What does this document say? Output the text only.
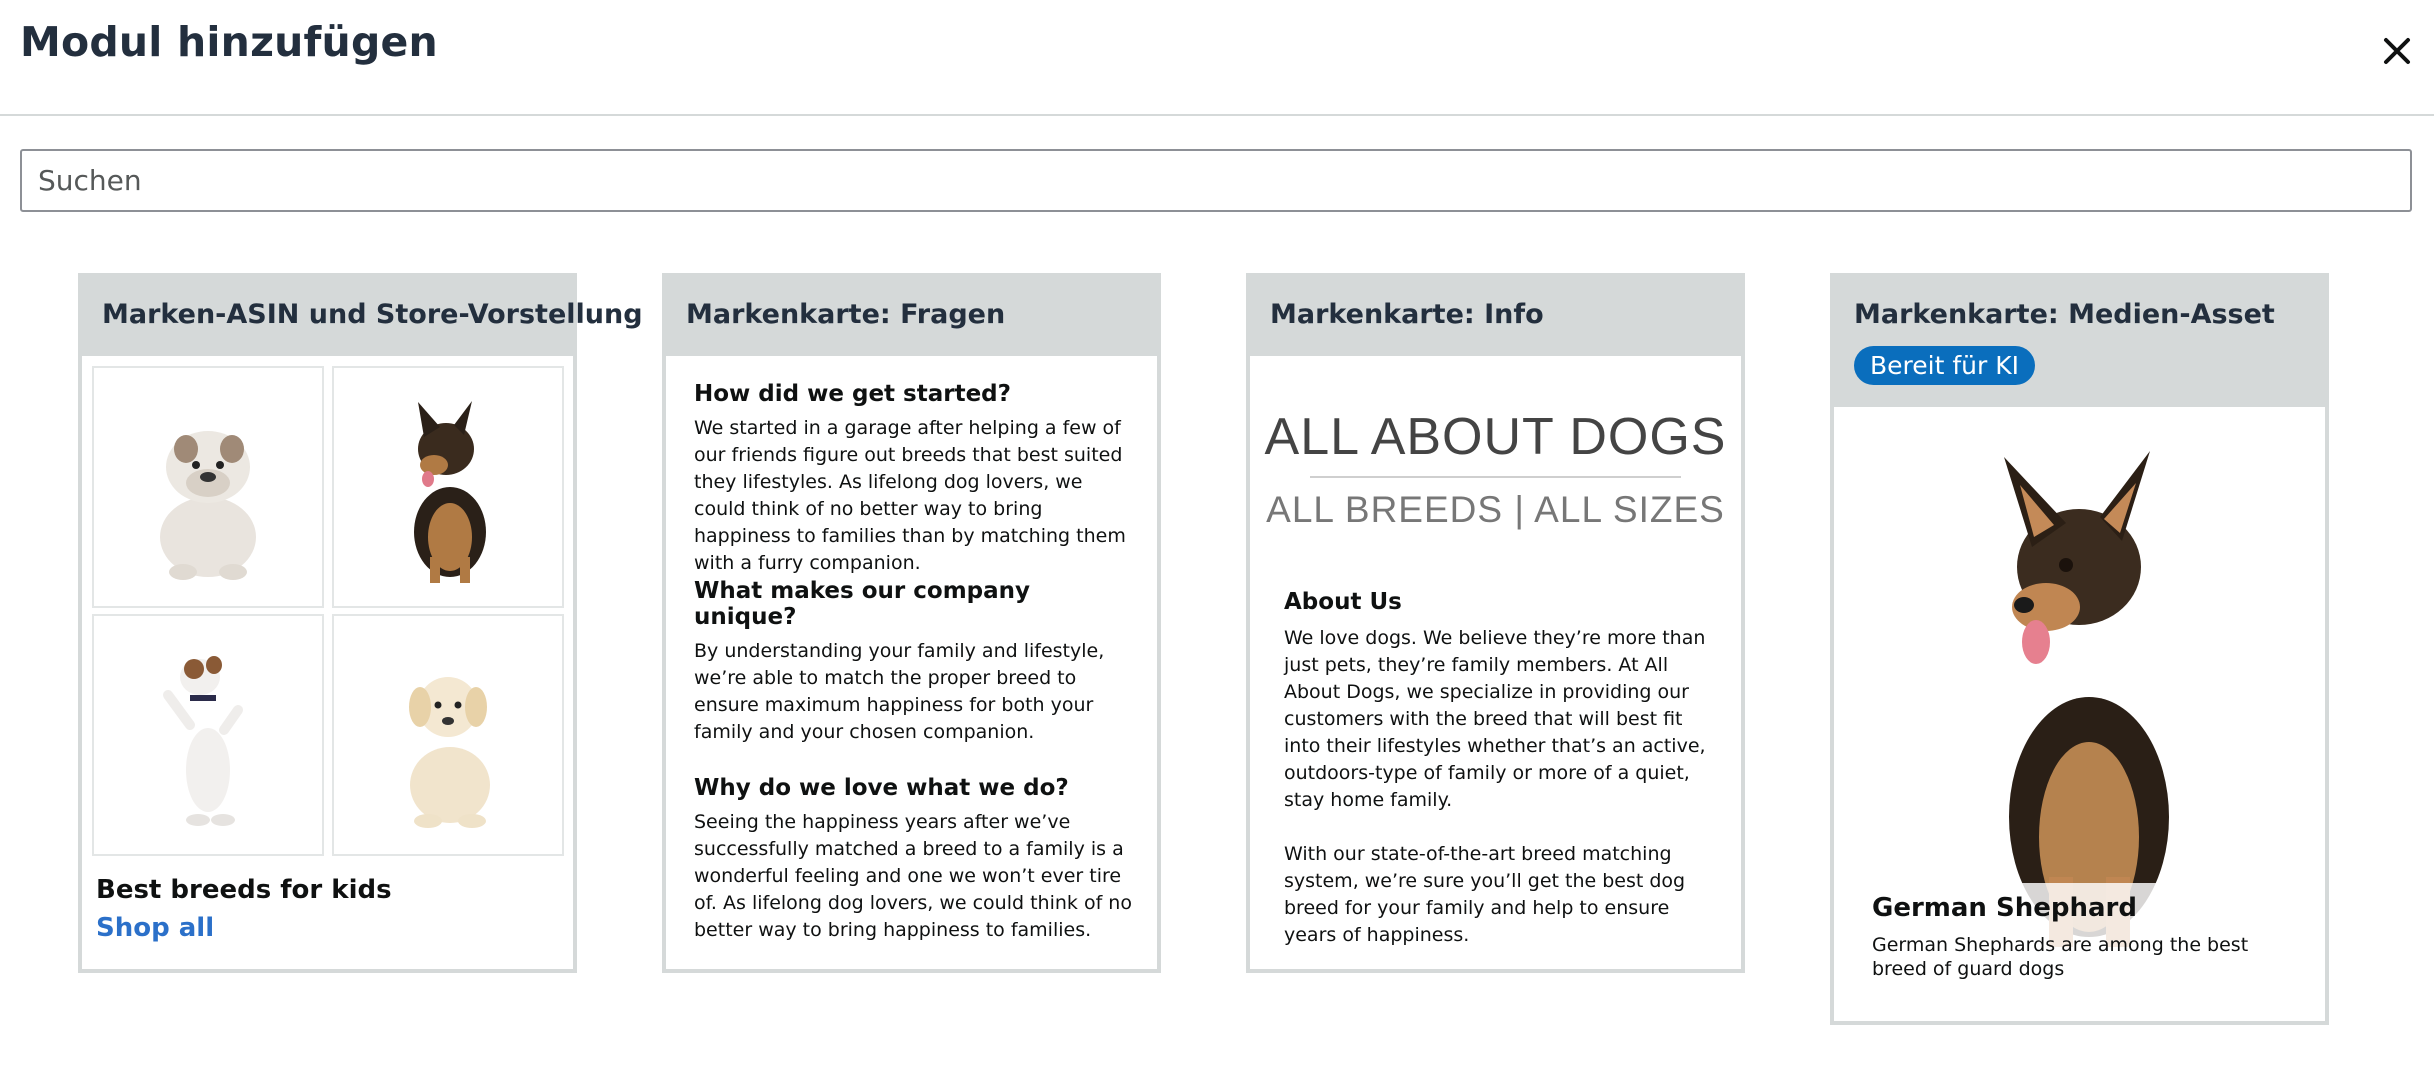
Modul hinzufügen
Suchen
Marken-ASIN und Store-Vorstellung
Best breeds for kids
Shop all
Markenkarte: Fragen
How did we get started?

We started in a garage after helping a few of our friends figure out breeds that best suited they lifestyles. As lifelong dog lovers, we could think of no better way to bring happiness to families than by matching them with a furry companion.

What makes our company unique?

By understanding your family and lifestyle, we’re able to match the proper breed to ensure maximum happiness for both your family and your chosen companion.

Why do we love what we do?

Seeing the happiness years after we’ve successfully matched a breed to a family is a wonderful feeling and one we won’t ever tire of. As lifelong dog lovers, we could think of no better way to bring happiness to families.

Markenkarte: Info
ALL ABOUT DOGS
ALL BREEDS | ALL SIZES
About Us

We love dogs. We believe they’re more than just pets, they’re family members. At All About Dogs, we specialize in providing our customers with the breed that will best fit into their lifestyles whether that’s an active, outdoors-type of family or more of a quiet, stay home family.

With our state-of-the-art breed matching system, we’re sure you’ll get the best dog breed for your family and help to ensure years of happiness.

Markenkarte: Medien-Asset
Bereit für KI
German Shephard
German Shephards are among the best breed of guard dogs
